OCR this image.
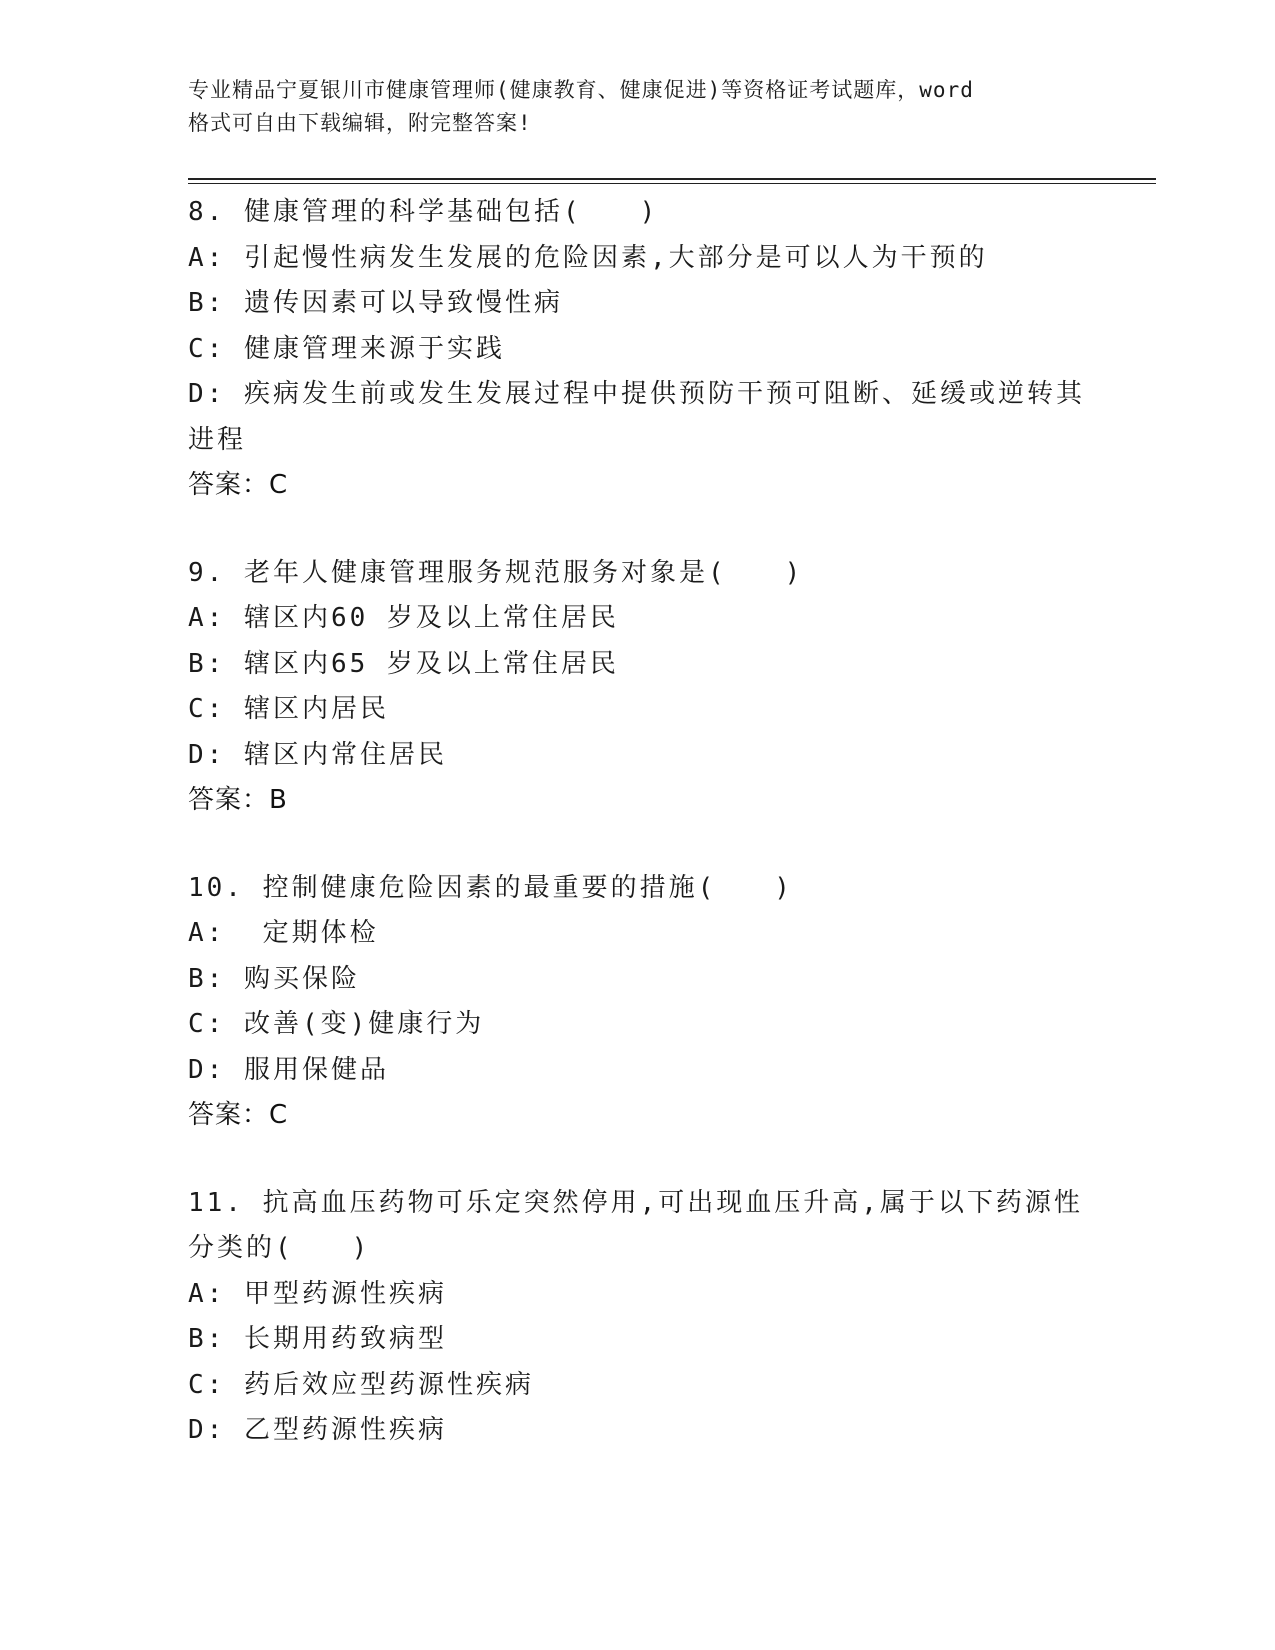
专业精品宁夏银川市健康管理师(健康教育、健康促进)等资格证考试题库，word
格式可自由下载编辑，附完整答案!
8. 健康管理的科学基础包括(　　)
A: 引起慢性病发生发展的危险因素,大部分是可以人为干预的
B: 遗传因素可以导致慢性病
C: 健康管理来源于实践
D: 疾病发生前或发生发展过程中提供预防干预可阻断、延缓或逆转其
进程
答案：C
9. 老年人健康管理服务规范服务对象是(　　)
A: 辖区内60 岁及以上常住居民
B: 辖区内65 岁及以上常住居民
C: 辖区内居民
D: 辖区内常住居民
答案：B
10. 控制健康危险因素的最重要的措施(　　)
A:  定期体检
B: 购买保险
C: 改善(变)健康行为
D: 服用保健品
答案：C
11. 抗高血压药物可乐定突然停用,可出现血压升高,属于以下药源性
分类的(　　)
A: 甲型药源性疾病
B: 长期用药致病型
C: 药后效应型药源性疾病
D: 乙型药源性疾病
